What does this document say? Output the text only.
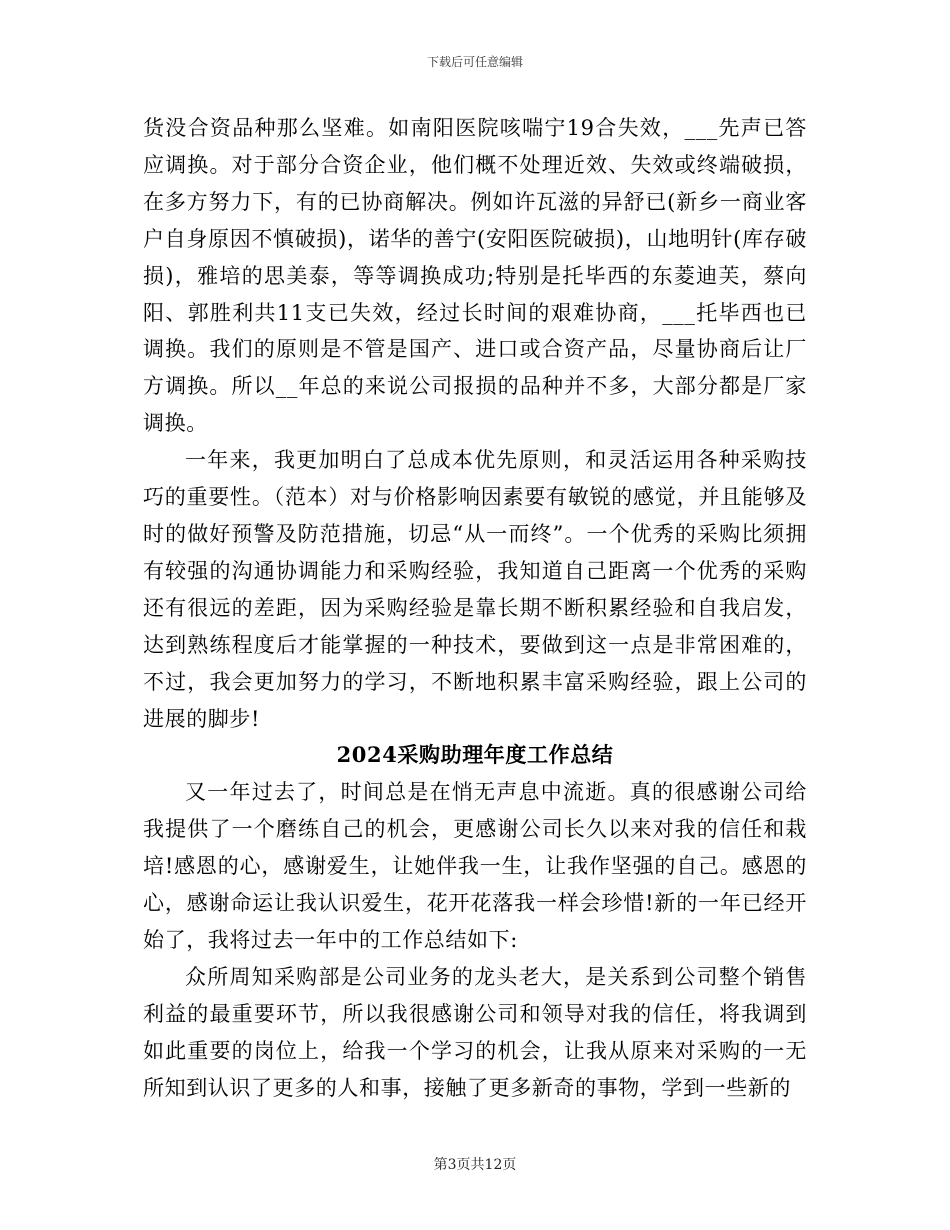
下载后可任意编辑

货没合资品种那么坚难。如南阳医院咳喘宁19合失效，___先声已答应调换。对于部分合资企业，他们概不处理近效、失效或终端破损，在多方努力下，有的已协商解决。例如许瓦滋的异舒已(新乡一商业客户自身原因不慎破损)，诺华的善宁(安阳医院破损)，山地明针(库存破损)，雅培的思美泰，等等调换成功;特别是托毕西的东菱迪芙，蔡向阳、郭胜利共11支已失效，经过长时间的艰难协商，___托毕西也已调换。我们的原则是不管是国产、进口或合资产品，尽量协商后让厂方调换。所以__年总的来说公司报损的品种并不多，大部分都是厂家调换。

一年来，我更加明白了总成本优先原则，和灵活运用各种采购技巧的重要性。（范本）对与价格影响因素要有敏锐的感觉，并且能够及时的做好预警及防范措施，切忌“从一而终”。一个优秀的采购比须拥有较强的沟通协调能力和采购经验，我知道自己距离一个优秀的采购还有很远的差距，因为采购经验是靠长期不断积累经验和自我启发，达到熟练程度后才能掌握的一种技术，要做到这一点是非常困难的，不过，我会更加努力的学习，不断地积累丰富采购经验，跟上公司的进展的脚步!

2024采购助理年度工作总结

又一年过去了，时间总是在悄无声息中流逝。真的很感谢公司给我提供了一个磨练自己的机会，更感谢公司长久以来对我的信任和栽培!感恩的心，感谢爱生，让她伴我一生，让我作坚强的自己。感恩的心，感谢命运让我认识爱生，花开花落我一样会珍惜!新的一年已经开始了，我将过去一年中的工作总结如下:

众所周知采购部是公司业务的龙头老大，是关系到公司整个销售利益的最重要环节，所以我很感谢公司和领导对我的信任，将我调到如此重要的岗位上，给我一个学习的机会，让我从原来对采购的一无所知到认识了更多的人和事，接触了更多新奇的事物，学到一些新的

第3页共12页
